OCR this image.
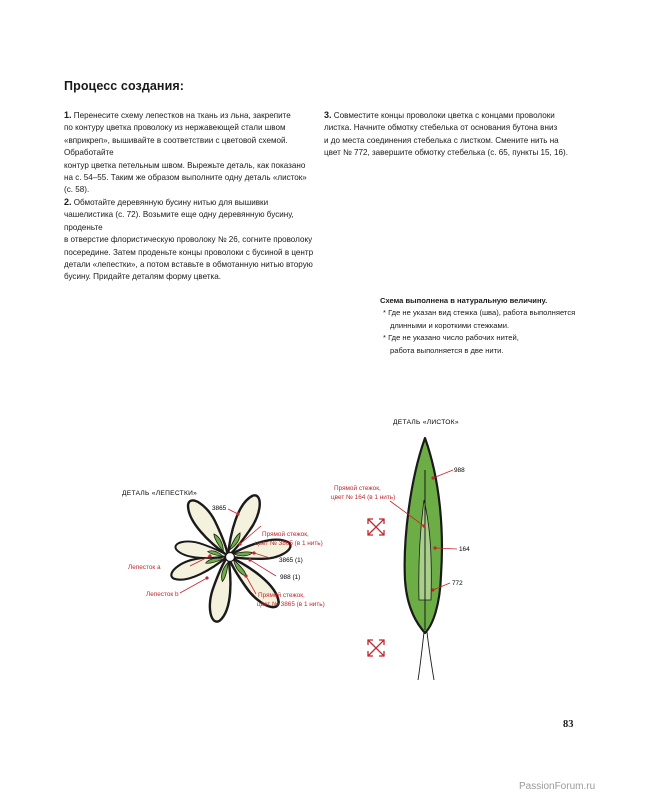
Процесс создания:
1. Перенесите схему лепестков на ткань из льна, закрепите
по контуру цветка проволоку из нержавеющей стали швом «вприкреп», вышивайте в соответствии с цветовой схемой. Обработайте
контур цветка петельным швом. Вырежьте деталь, как показано
на с. 54–55. Таким же образом выполните одну деталь «листок»
(с. 58).
2. Обмотайте деревянную бусину нитью для вышивки чашелистика (с. 72). Возьмите еще одну деревянную бусину, проденьте
в отверстие флористическую проволоку № 26, согните проволоку
посередине. Затем проденьте концы проволоки с бусиной в центр
детали «лепестки», а потом вставьте в обмотанную нитью вторую
бусину. Придайте деталям форму цветка.
3. Совместите концы проволоки цветка с концами проволоки
листка. Начните обмотку стебелька от основания бутона вниз
и до места соединения стебелька с листком. Смените нить на
цвет № 772, завершите обмотку стебелька (с. 65, пункты 15, 16).
Схема выполнена в натуральную величину.
* Где не указан вид стежка (шва), работа выполняется
длинными и короткими стежками.
* Где не указано число рабочих нитей,
работа выполняется в две нити.
ДЕТАЛЬ «ЛЕПЕСТКИ»
3865
Прямой стежок,
цвет № 3865 (в 1 нить)
3865 (1)
988 (1)
Прямой стежок,
цвет № 3865 (в 1 нить)
Лепесток a
Лепесток b
ДЕТАЛЬ «ЛИСТОК»
988
Прямой стежок,
цвет № 164 (в 1 нить)
164
772
83
PassionForum.ru
